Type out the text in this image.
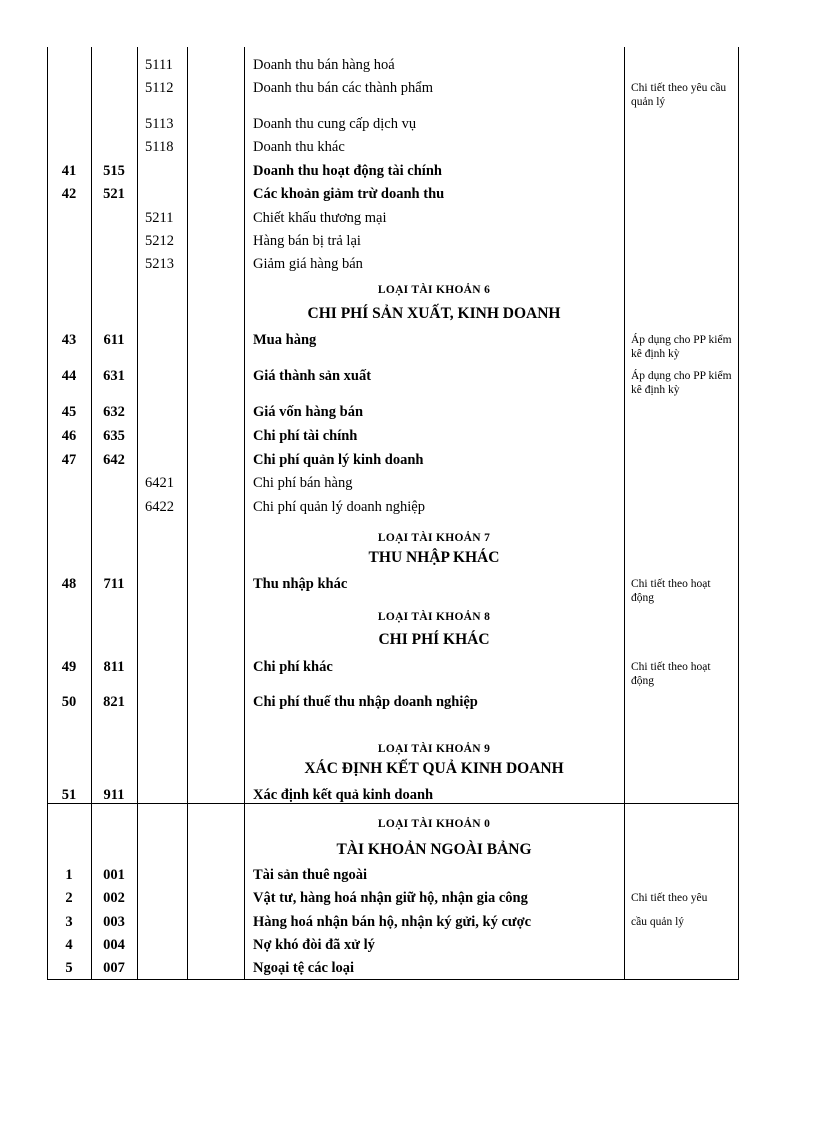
5111	Doanh thu bán hàng hoá
5112	Doanh thu bán các thành phẩm	Chi tiết theo yêu cầu quản lý
5113	Doanh thu cung cấp dịch vụ
5118	Doanh thu khác
41	515	Doanh thu hoạt động tài chính
42	521	Các khoản giảm trừ doanh thu
5211	Chiết khấu thương mại
5212	Hàng bán bị trả lại
5213	Giảm giá hàng bán
LOẠI TÀI KHOẢN 6
CHI PHÍ SẢN XUẤT, KINH DOANH
43	611	Mua hàng	Áp dụng cho PP kiểm kê định kỳ
44	631	Giá thành sản xuất	Áp dụng cho PP kiểm kê định kỳ
45	632	Giá vốn hàng bán
46	635	Chi phí tài chính
47	642	Chi phí quản lý kinh doanh
6421	Chi phí bán hàng
6422	Chi phí quản lý doanh nghiệp
LOẠI TÀI KHOẢN 7
THU NHẬP KHÁC
48	711	Thu nhập khác	Chi tiết theo hoạt động
LOẠI TÀI KHOẢN 8
CHI PHÍ KHÁC
49	811	Chi phí khác	Chi tiết theo hoạt động
50	821	Chi phí thuế thu nhập doanh nghiệp
LOẠI TÀI KHOẢN 9
XÁC ĐỊNH KẾT QUẢ KINH DOANH
51	911	Xác định kết quả kinh doanh
LOẠI TÀI KHOẢN 0
TÀI KHOẢN NGOÀI BẢNG
1	001	Tài sản thuê ngoài
2	002	Vật tư, hàng hoá nhận giữ hộ, nhận gia công	Chi tiết theo yêu
3	003	Hàng hoá nhận bán hộ, nhận ký gửi, ký cược	cầu quản lý
4	004	Nợ khó đòi đã xử lý
5	007	Ngoại tệ các loại
